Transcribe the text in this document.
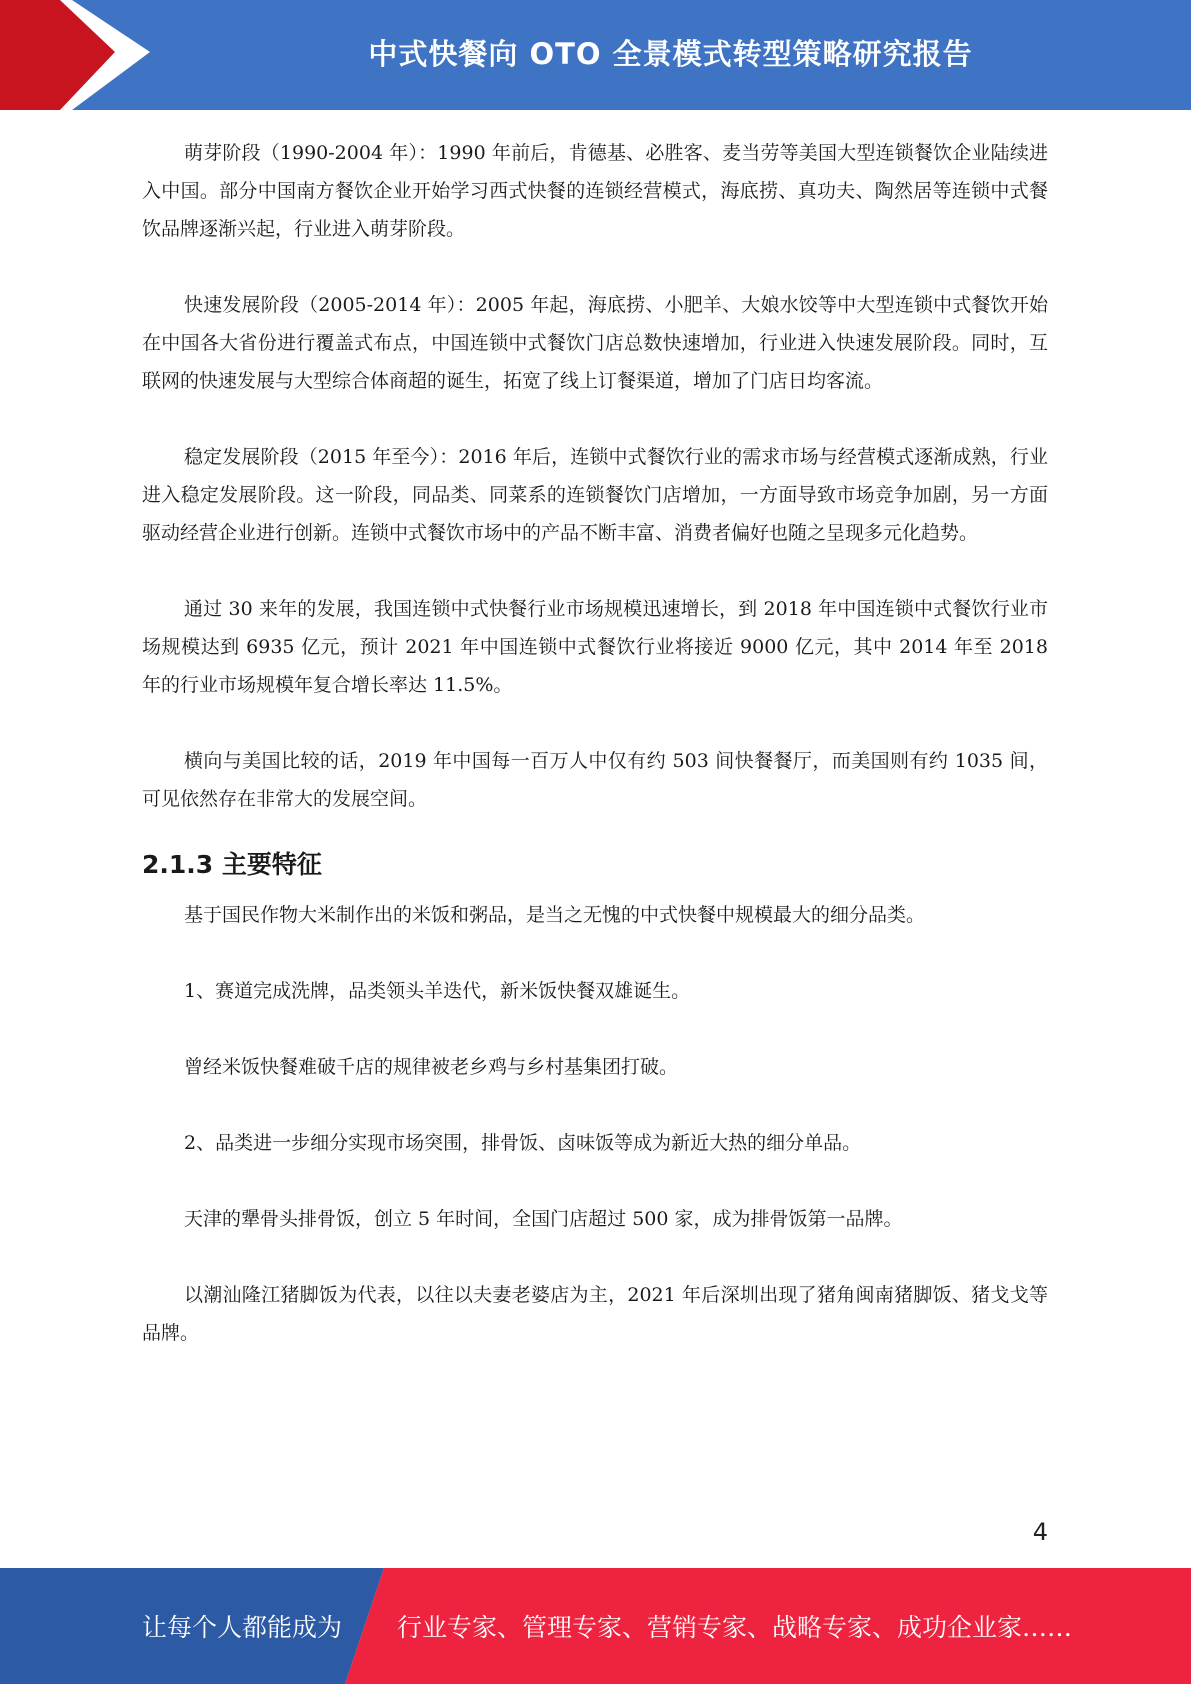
中式快餐向 OTO 全景模式转型策略研究报告

萌芽阶段（1990-2004 年）：1990 年前后，肯德基、必胜客、麦当劳等美国大型连锁餐饮企业陆续进入中国。部分中国南方餐饮企业开始学习西式快餐的连锁经营模式，海底捞、真功夫、陶然居等连锁中式餐饮品牌逐渐兴起，行业进入萌芽阶段。

快速发展阶段（2005-2014 年）：2005 年起，海底捞、小肥羊、大娘水饺等中大型连锁中式餐饮开始在中国各大省份进行覆盖式布点，中国连锁中式餐饮门店总数快速增加，行业进入快速发展阶段。同时，互联网的快速发展与大型综合体商超的诞生，拓宽了线上订餐渠道，增加了门店日均客流。

稳定发展阶段（2015 年至今）：2016 年后，连锁中式餐饮行业的需求市场与经营模式逐渐成熟，行业进入稳定发展阶段。这一阶段，同品类、同菜系的连锁餐饮门店增加，一方面导致市场竞争加剧，另一方面驱动经营企业进行创新。连锁中式餐饮市场中的产品不断丰富、消费者偏好也随之呈现多元化趋势。

通过 30 来年的发展，我国连锁中式快餐行业市场规模迅速增长，到 2018 年中国连锁中式餐饮行业市场规模达到 6935 亿元，预计 2021 年中国连锁中式餐饮行业将接近 9000 亿元，其中 2014 年至 2018 年的行业市场规模年复合增长率达 11.5%。

横向与美国比较的话，2019 年中国每一百万人中仅有约 503 间快餐餐厅，而美国则有约 1035 间，可见依然存在非常大的发展空间。

2.1.3 主要特征

基于国民作物大米制作出的米饭和粥品，是当之无愧的中式快餐中规模最大的细分品类。

1、赛道完成洗牌，品类领头羊迭代，新米饭快餐双雄诞生。

曾经米饭快餐难破千店的规律被老乡鸡与乡村基集团打破。

2、品类进一步细分实现市场突围，排骨饭、卤味饭等成为新近大热的细分单品。

天津的犟骨头排骨饭，创立 5 年时间，全国门店超过 500 家，成为排骨饭第一品牌。

以潮汕隆江猪脚饭为代表，以往以夫妻老婆店为主，2021 年后深圳出现了猪角闽南猪脚饭、猪戈戈等品牌。

4
让每个人都能成为 行业专家、管理专家、营销专家、战略专家、成功企业家……
